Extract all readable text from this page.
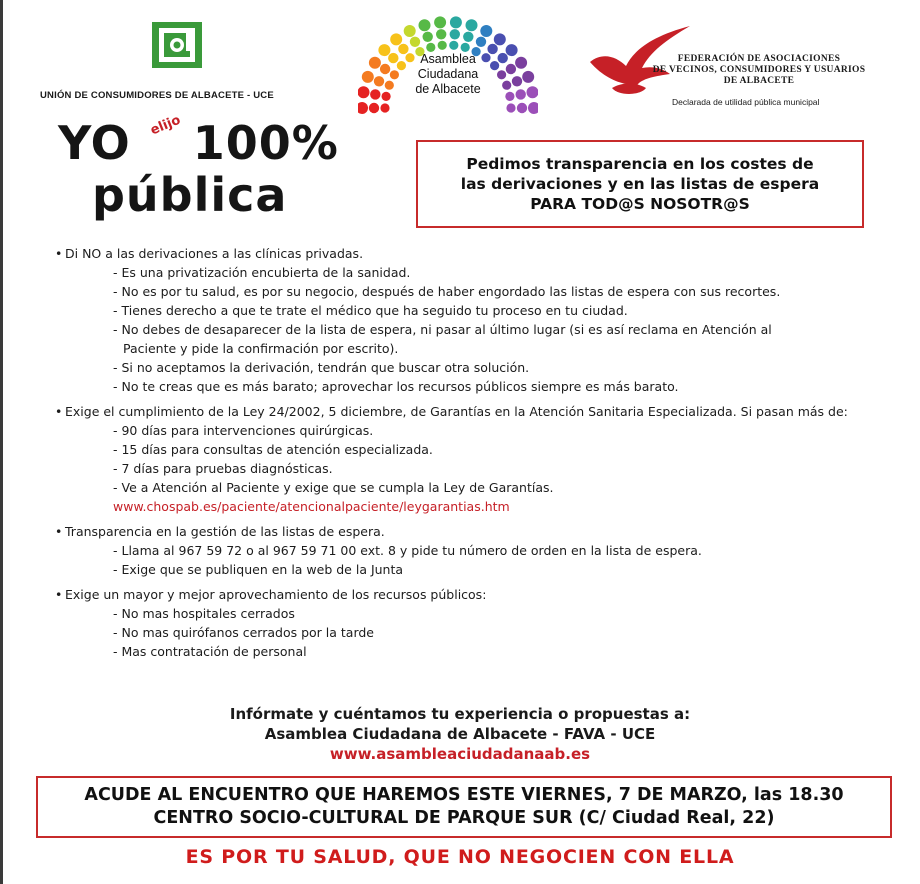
UNIÓN DE CONSUMIDORES DE ALBACETE - UCE
Asamblea
Ciudadana
de Albacete
FEDERACIÓN DE ASOCIACIONES
DE VECINOS, CONSUMIDORES Y USUARIOS
DE ALBACETE
Declarada de utilidad pública municipal
YO 100%
elijo
pública
Pedimos transparencia en los costes de
las derivaciones y en las listas de espera
PARA TOD@S NOSOTR@S
• Di NO a las derivaciones a las clínicas privadas.
- Es una privatización encubierta de la sanidad.
- No es por tu salud, es por su negocio, después de haber engordado las listas de espera con sus recortes.
- Tienes derecho a que te trate el médico que ha seguido tu proceso en tu ciudad.
- No debes de desaparecer de la lista de espera, ni pasar al último lugar (si es así reclama en Atención al
Paciente y pide la confirmación por escrito).
- Si no aceptamos la derivación, tendrán que buscar otra solución.
- No te creas que es más barato; aprovechar los recursos públicos siempre es más barato.
• Exige el cumplimiento de la Ley 24/2002, 5 diciembre, de Garantías en la Atención Sanitaria Especializada. Si pasan más de:
- 90 días para intervenciones quirúrgicas.
- 15 días para consultas de atención especializada.
- 7 días para pruebas diagnósticas.
- Ve a Atención al Paciente y exige que se cumpla la Ley de Garantías.
www.chospab.es/paciente/atencionalpaciente/leygarantias.htm
• Transparencia en la gestión de las listas de espera.
- Llama al 967 59 72 o al 967 59 71 00 ext. 8 y pide tu número de orden en la lista de espera.
- Exige que se publiquen en la web de la Junta
• Exige un mayor y mejor aprovechamiento de los recursos públicos:
- No mas hospitales cerrados
- No mas quirófanos cerrados por la tarde
- Mas contratación de personal
Infórmate y cuéntamos tu experiencia o propuestas a:
Asamblea Ciudadana de Albacete - FAVA - UCE
www.asambleaciudadanaab.es
ACUDE AL ENCUENTRO QUE HAREMOS ESTE VIERNES, 7 DE MARZO, las 18.30
CENTRO SOCIO-CULTURAL DE PARQUE SUR (C/ Ciudad Real, 22)
ES POR TU SALUD, QUE NO NEGOCIEN CON ELLA
